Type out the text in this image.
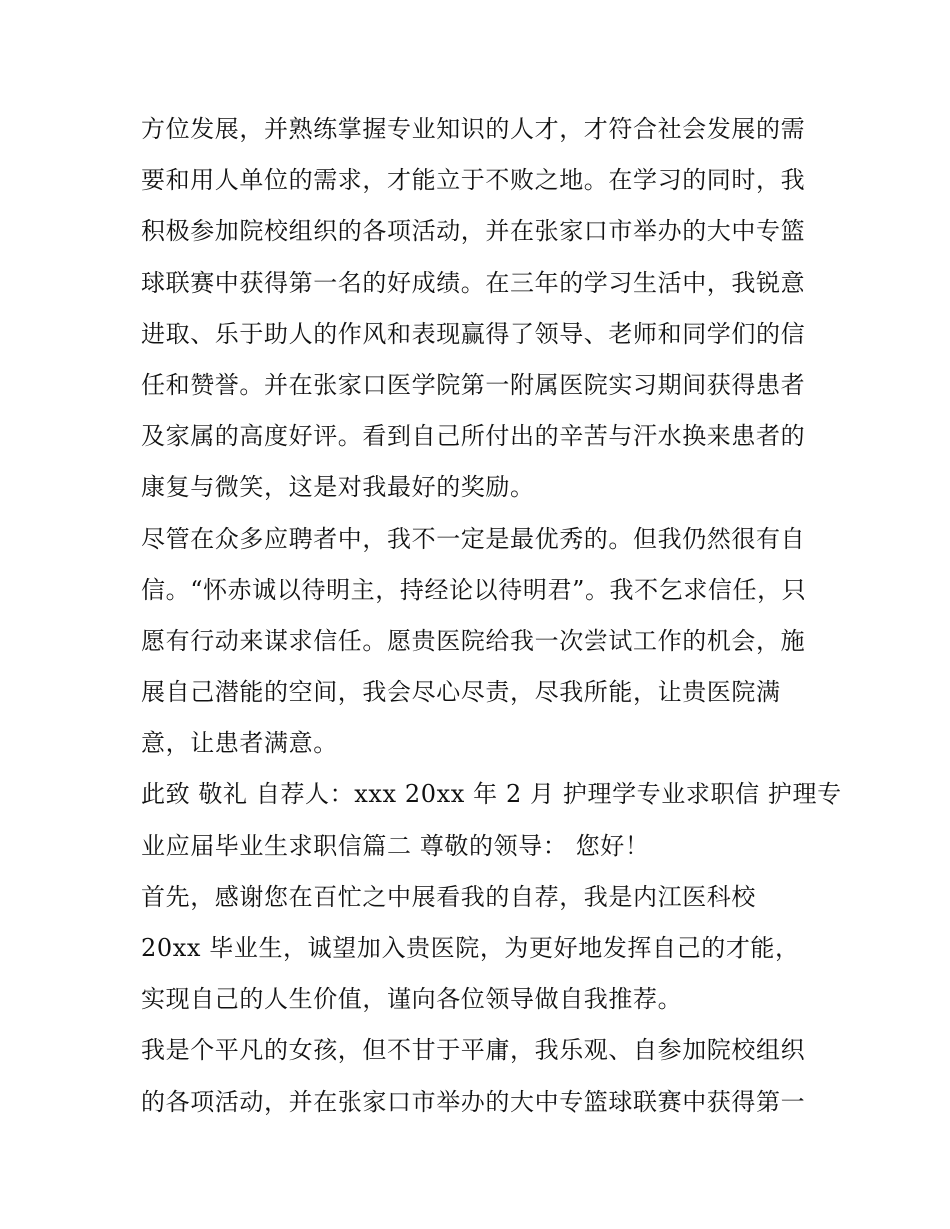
方位发展，并熟练掌握专业知识的人才，才符合社会发展的需
要和用人单位的需求，才能立于不败之地。在学习的同时，我
积极参加院校组织的各项活动，并在张家口市举办的大中专篮
球联赛中获得第一名的好成绩。在三年的学习生活中，我锐意
进取、乐于助人的作风和表现赢得了领导、老师和同学们的信
任和赞誉。并在张家口医学院第一附属医院实习期间获得患者
及家属的高度好评。看到自己所付出的辛苦与汗水换来患者的
康复与微笑，这是对我最好的奖励。
尽管在众多应聘者中，我不一定是最优秀的。但我仍然很有自
信。“怀赤诚以待明主，持经论以待明君”。我不乞求信任，只
愿有行动来谋求信任。愿贵医院给我一次尝试工作的机会，施
展自己潜能的空间，我会尽心尽责，尽我所能，让贵医院满
意，让患者满意。
此致 敬礼 自荐人：xxx 20xx 年 2 月 护理学专业求职信 护理专
业应届毕业生求职信篇二 尊敬的领导： 您好！
首先，感谢您在百忙之中展看我的自荐，我是内江医科校
20xx 毕业生，诚望加入贵医院，为更好地发挥自己的才能，
实现自己的人生价值，谨向各位领导做自我推荐。
我是个平凡的女孩，但不甘于平庸，我乐观、自参加院校组织
的各项活动，并在张家口市举办的大中专篮球联赛中获得第一
